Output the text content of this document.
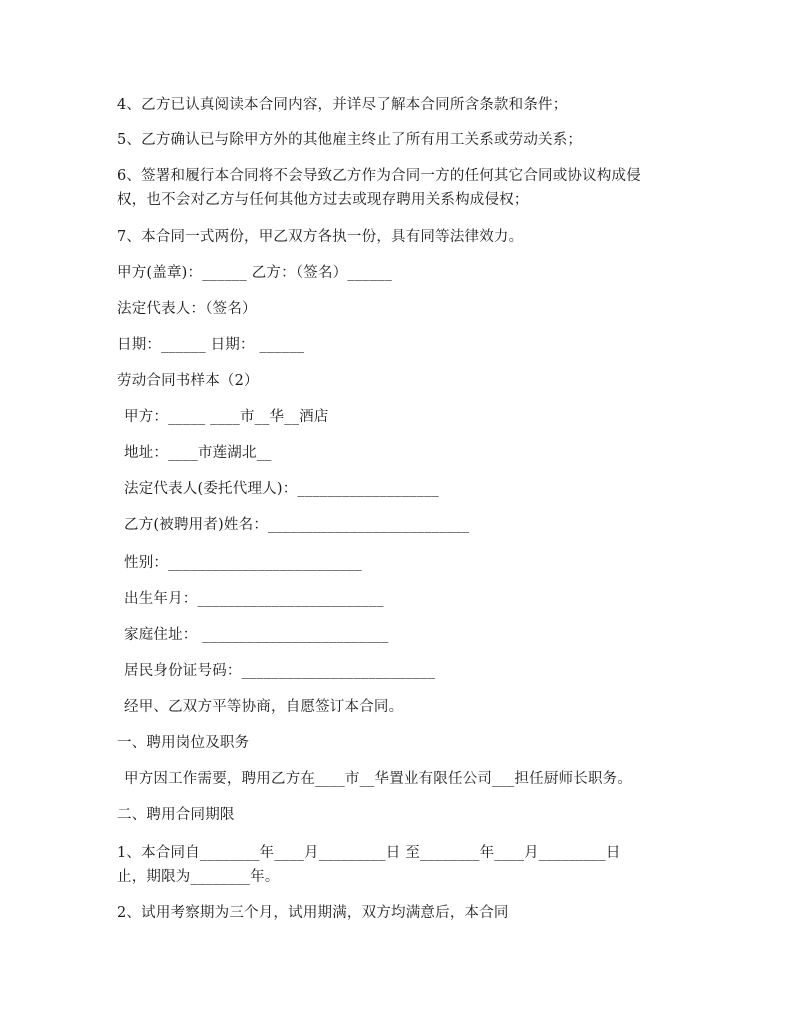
4、乙方已认真阅读本合同内容，并详尽了解本合同所含条款和条件；
5、乙方确认已与除甲方外的其他雇主终止了所有用工关系或劳动关系；
6、签署和履行本合同将不会导致乙方作为合同一方的任何其它合同或协议构成侵
权，也不会对乙方与任何其他方过去或现存聘用关系构成侵权；
7、本合同一式两份，甲乙双方各执一份，具有同等法律效力。
甲方(盖章)：______ 乙方：（签名）______
法定代表人：（签名）
日期：______ 日期： ______
劳动合同书样本（2）
甲方：_____ ____市__华__酒店
地址：____市莲湖北__
法定代表人(委托代理人)：___________________
乙方(被聘用者)姓名：___________________________
性别：__________________________
出生年月：_________________________
家庭住址： _________________________
居民身份证号码：__________________________
经甲、乙双方平等协商，自愿签订本合同。
一、聘用岗位及职务
甲方因工作需要，聘用乙方在____市__华置业有限任公司___担任厨师长职务。
二、聘用合同期限
1、本合同自________年____月_________日 至________年____月_________日
止，期限为________年。
2、试用考察期为三个月，试用期满，双方均满意后，本合同
